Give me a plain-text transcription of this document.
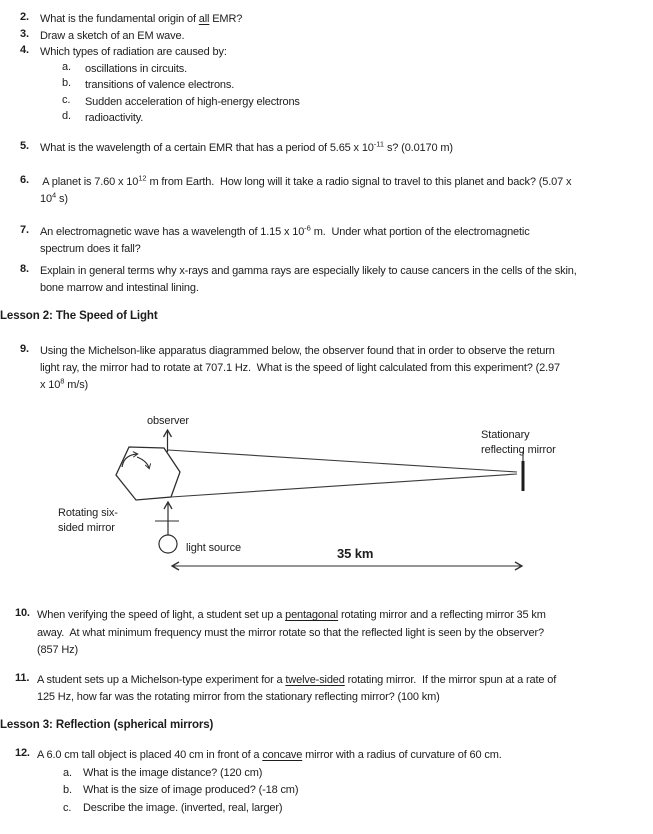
2.	What is the fundamental origin of all EMR?
3.	Draw a sketch of an EM wave.
4.	Which types of radiation are caused by:
a.	oscillations in circuits.
b.	transitions of valence electrons.
c.	Sudden acceleration of high-energy electrons
d.	radioactivity.
5.	What is the wavelength of a certain EMR that has a period of 5.65 x $10^{-11}$ s? (0.0170 m)
6.	A planet is 7.60 x $10^{12}$ m from Earth.  How long will it take a radio signal to travel to this planet and back? (5.07 x
$10^4$ s)
7.	An electromagnetic wave has a wavelength of 1.15 x $10^{-6}$ m.  Under what portion of the electromagnetic
spectrum does it fall?
8.	Explain in general terms why x-rays and gamma rays are especially likely to cause cancers in the cells of the skin,
bone marrow and intestinal lining.
Lesson 2: The Speed of Light
9.	Using the Michelson-like apparatus diagrammed below, the observer found that in order to observe the return
light ray, the mirror had to rotate at 707.1 Hz.  What is the speed of light calculated from this experiment? (2.97
x $10^8$ m/s)
observer
Stationary
reflecting mirror
light source
Rotating six-
sided mirror
35 km
10. When verifying the speed of light, a student set up a pentagonal rotating mirror and a reflecting mirror 35 km
away.  At what minimum frequency must the mirror rotate so that the reflected light is seen by the observer?
(857 Hz)
11. A student sets up a Michelson-type experiment for a twelve-sided rotating mirror.  If the mirror spun at a rate of
125 Hz, how far was the rotating mirror from the stationary reflecting mirror? (100 km)
Lesson 3: Reflection (spherical mirrors)
12. A 6.0 cm tall object is placed 40 cm in front of a concave mirror with a radius of curvature of 60 cm.
a.	What is the image distance? (120 cm)
b.	What is the size of image produced? (-18 cm)
c.	Describe the image. (inverted, real, larger)
